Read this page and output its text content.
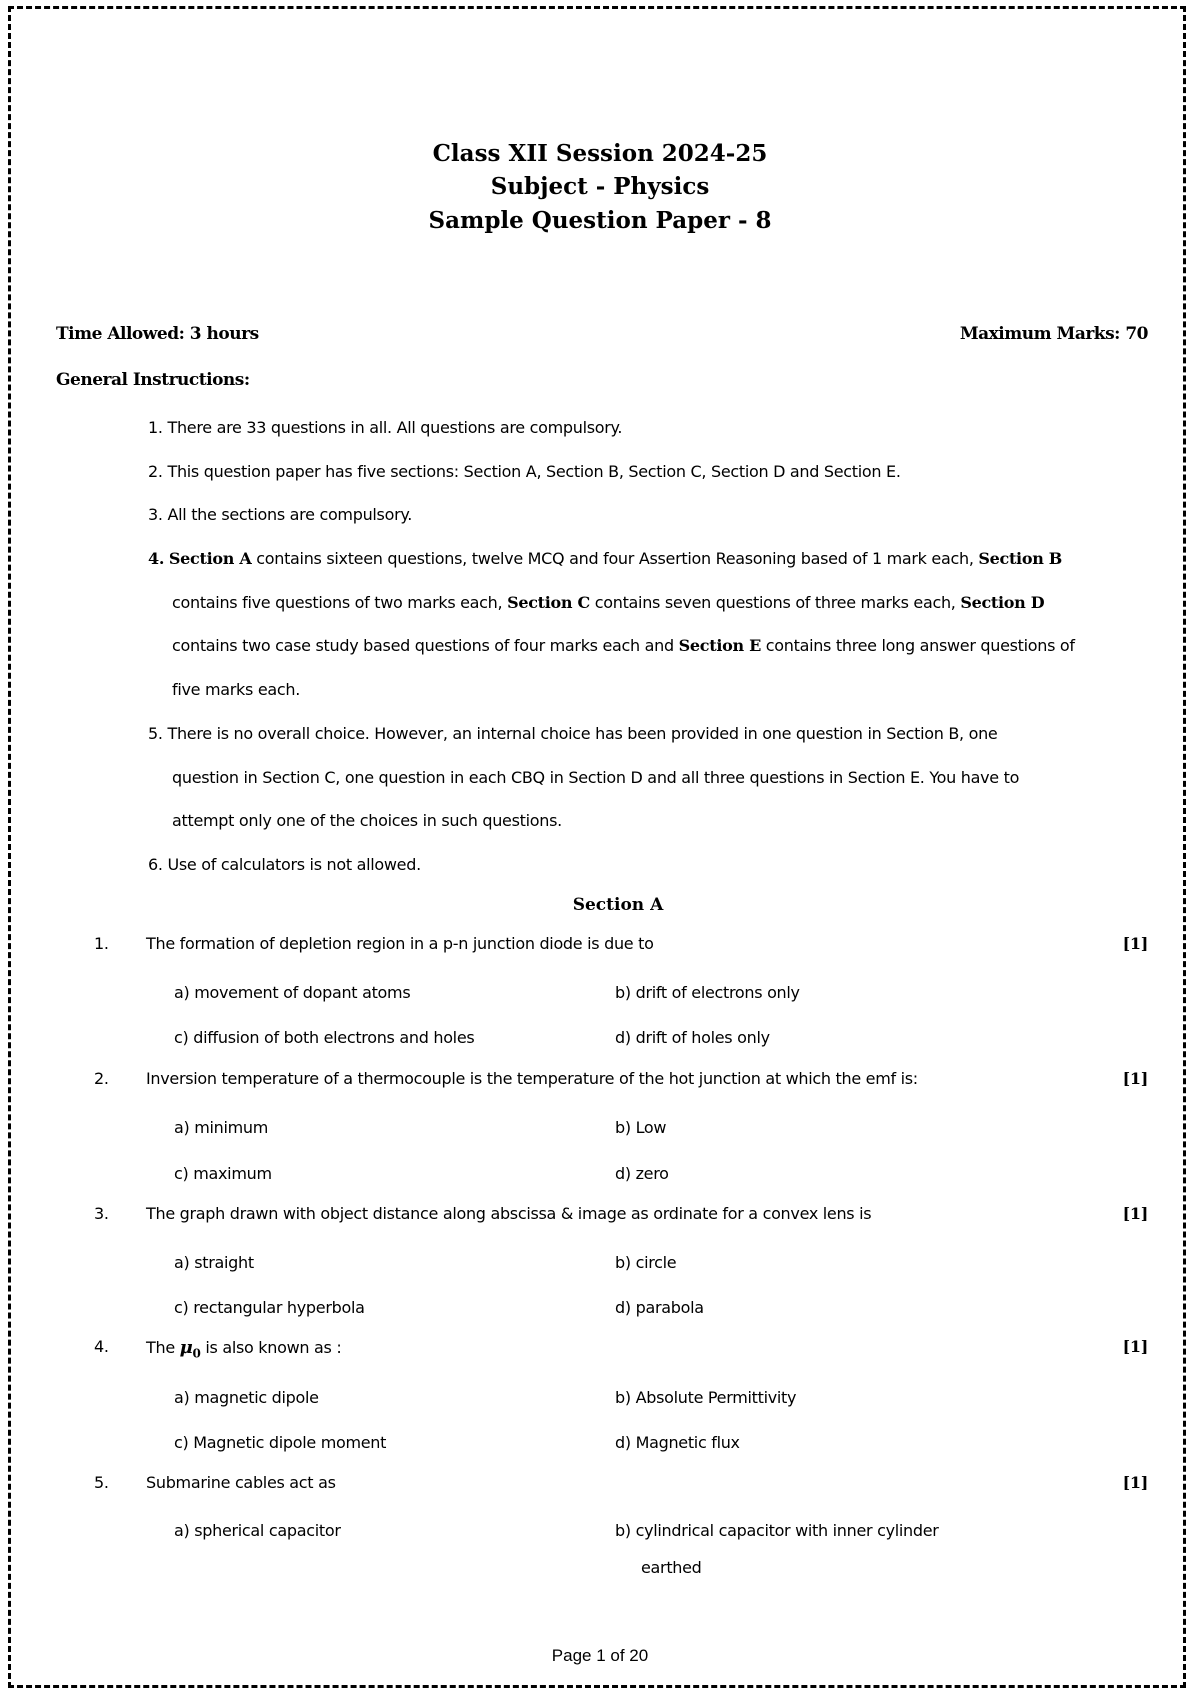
Class XII Session 2024-25
Subject - Physics
Sample Question Paper - 8
Time Allowed: 3 hours	Maximum Marks: 70
General Instructions:
1. There are 33 questions in all. All questions are compulsory.
2. This question paper has five sections: Section A, Section B, Section C, Section D and Section E.
3. All the sections are compulsory.
4. Section A contains sixteen questions, twelve MCQ and four Assertion Reasoning based of 1 mark each, Section B
contains five questions of two marks each, Section C contains seven questions of three marks each, Section D
contains two case study based questions of four marks each and Section E contains three long answer questions of
five marks each.
5. There is no overall choice. However, an internal choice has been provided in one question in Section B, one
question in Section C, one question in each CBQ in Section D and all three questions in Section E. You have to
attempt only one of the choices in such questions.
6. Use of calculators is not allowed.
Section A
1. The formation of depletion region in a p-n junction diode is due to	[1]
a) movement of dopant atoms	b) drift of electrons only
c) diffusion of both electrons and holes	d) drift of holes only
2. Inversion temperature of a thermocouple is the temperature of the hot junction at which the emf is:	[1]
a) minimum	b) Low
c) maximum	d) zero
3. The graph drawn with object distance along abscissa & image as ordinate for a convex lens is	[1]
a) straight	b) circle
c) rectangular hyperbola	d) parabola
4. The $\mu_0$ is also known as :	[1]
a) magnetic dipole	b) Absolute Permittivity
c) Magnetic dipole moment	d) Magnetic flux
5. Submarine cables act as	[1]
a) spherical capacitor	b) cylindrical capacitor with inner cylinder
earthed
Page 1 of 20
